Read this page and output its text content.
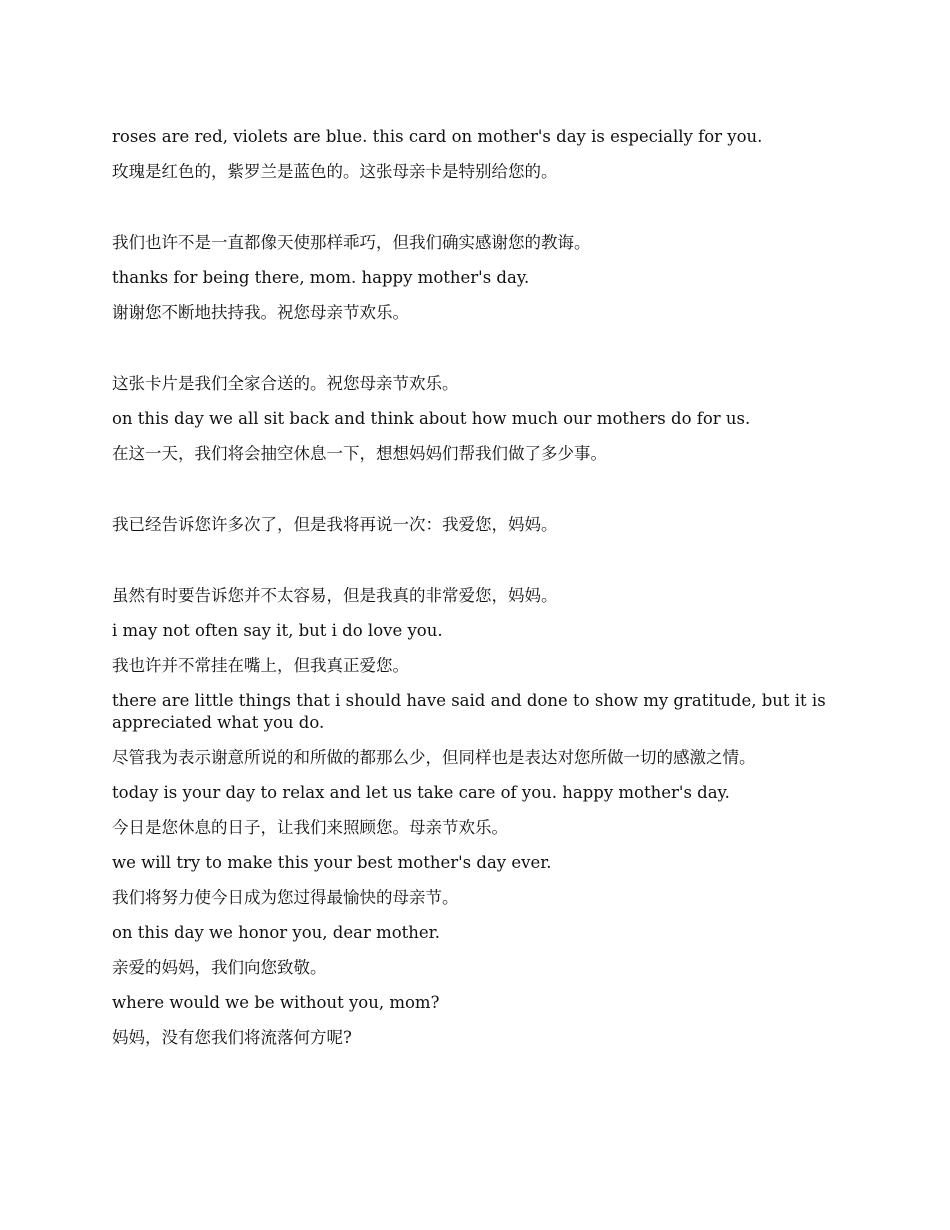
roses are red, violets are blue. this card on mother's day is especially for you.

玫瑰是红色的，紫罗兰是蓝色的。这张母亲卡是特别给您的。

我们也许不是一直都像天使那样乖巧，但我们确实感谢您的教诲。

thanks for being there, mom. happy mother's day.

谢谢您不断地扶持我。祝您母亲节欢乐。

这张卡片是我们全家合送的。祝您母亲节欢乐。

on this day we all sit back and think about how much our mothers do for us.

在这一天，我们将会抽空休息一下，想想妈妈们帮我们做了多少事。

我已经告诉您许多次了，但是我将再说一次：我爱您，妈妈。

虽然有时要告诉您并不太容易，但是我真的非常爱您，妈妈。

i may not often say it, but i do love you.

我也许并不常挂在嘴上，但我真正爱您。

there are little things that i should have said and done to show my gratitude, but it is appreciated what you do.

尽管我为表示谢意所说的和所做的都那么少，但同样也是表达对您所做一切的感激之情。

today is your day to relax and let us take care of you. happy mother's day.

今日是您休息的日子，让我们来照顾您。母亲节欢乐。

we will try to make this your best mother's day ever.

我们将努力使今日成为您过得最愉快的母亲节。

on this day we honor you, dear mother.

亲爱的妈妈，我们向您致敬。

where would we be without you, mom?

妈妈，没有您我们将流落何方呢?
